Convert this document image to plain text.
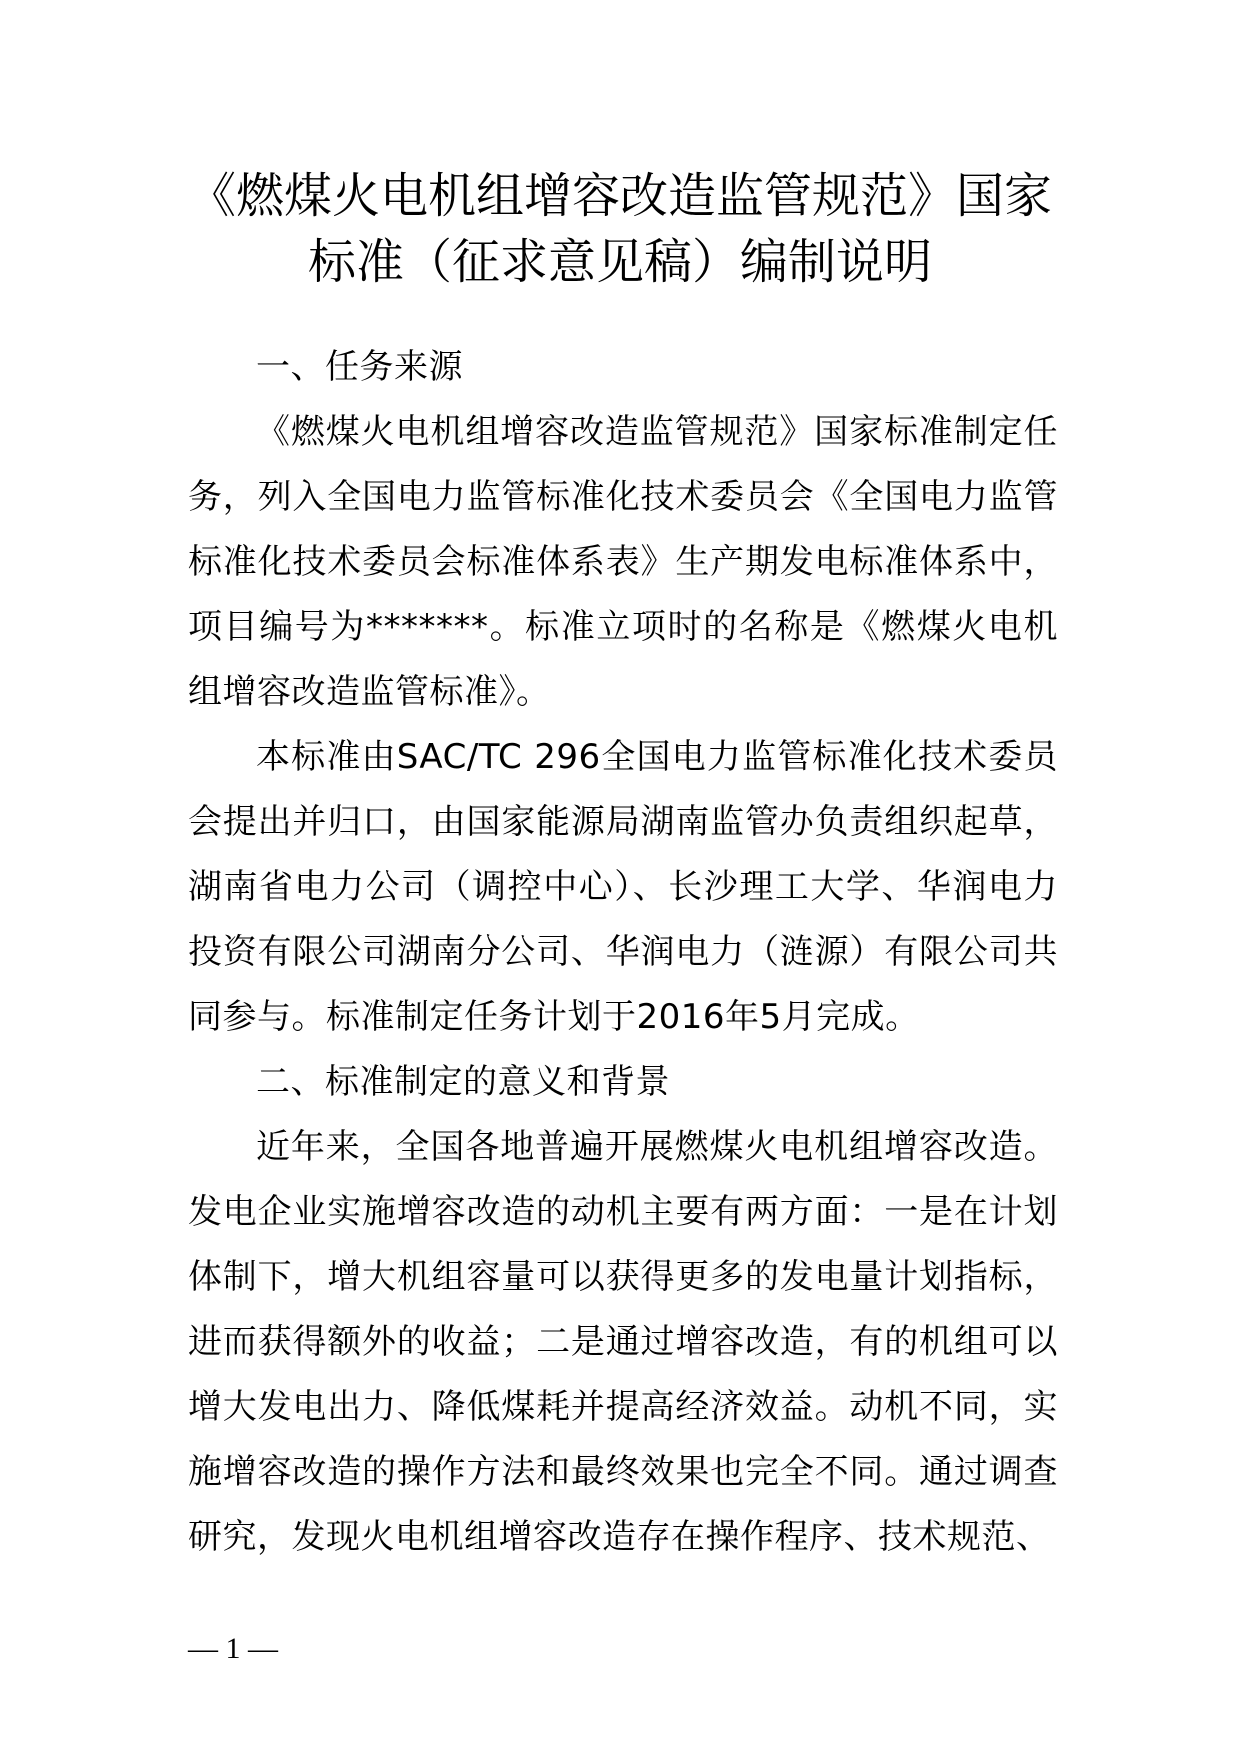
《燃煤火电机组增容改造监管规范》国家
标准（征求意见稿）编制说明

一、任务来源

《燃煤火电机组增容改造监管规范》国家标准制定任务，列入全国电力监管标准化技术委员会《全国电力监管标准化技术委员会标准体系表》生产期发电标准体系中，项目编号为*******。标准立项时的名称是《燃煤火电机组增容改造监管标准》。

本标准由SAC/TC 296全国电力监管标准化技术委员会提出并归口，由国家能源局湖南监管办负责组织起草，湖南省电力公司（调控中心）、长沙理工大学、华润电力投资有限公司湖南分公司、华润电力（涟源）有限公司共同参与。标准制定任务计划于2016年5月完成。

二、标准制定的意义和背景

近年来，全国各地普遍开展燃煤火电机组增容改造。发电企业实施增容改造的动机主要有两方面：一是在计划体制下，增大机组容量可以获得更多的发电量计划指标，进而获得额外的收益；二是通过增容改造，有的机组可以增大发电出力、降低煤耗并提高经济效益。动机不同，实施增容改造的操作方法和最终效果也完全不同。通过调查研究，发现火电机组增容改造存在操作程序、技术规范、

— 1 —
